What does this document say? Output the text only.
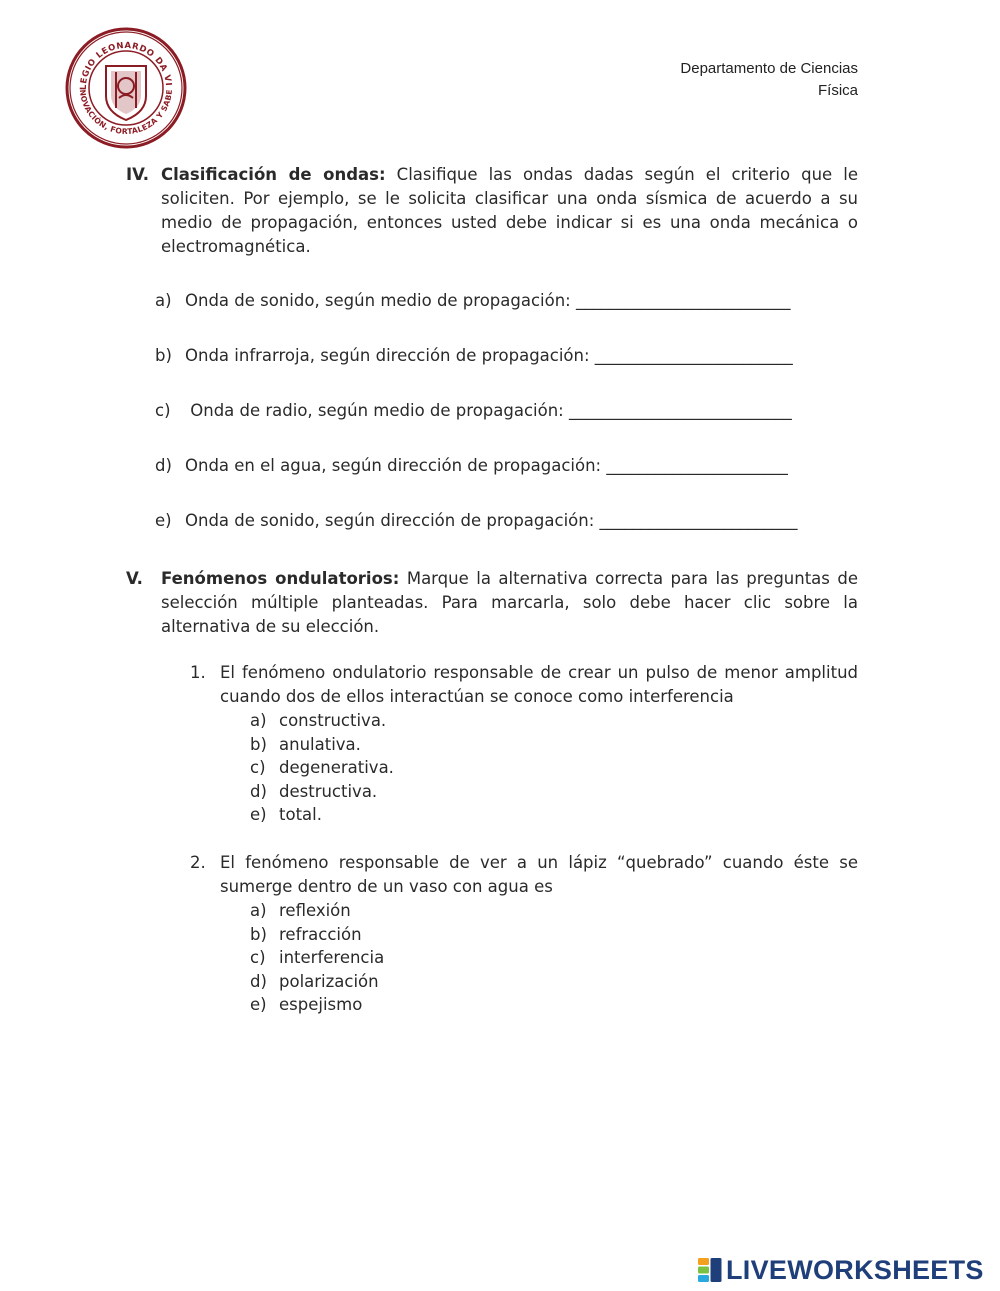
LEGIO LEONARDO DA VI
NOVACIÓN, FORTALEZA Y SABE
Departamento de Ciencias
Física
IV. Clasificación de ondas: Clasifique las ondas dadas según el criterio que le soliciten. Por ejemplo, se le solicita clasificar una onda sísmica de acuerdo a su medio de propagación, entonces usted debe indicar si es una onda mecánica o electromagnética.
a) Onda de sonido, según medio de propagación: __________________________
b) Onda infrarroja, según dirección de propagación: ________________________
c) Onda de radio, según medio de propagación: ___________________________
d) Onda en el agua, según dirección de propagación: ______________________
e) Onda de sonido, según dirección de propagación: ________________________
V. Fenómenos ondulatorios: Marque la alternativa correcta para las preguntas de selección múltiple planteadas. Para marcarla, solo debe hacer clic sobre la alternativa de su elección.
1. El fenómeno ondulatorio responsable de crear un pulso de menor amplitud cuando dos de ellos interactúan se conoce como interferencia
a) constructiva.
b) anulativa.
c) degenerativa.
d) destructiva.
e) total.
2. El fenómeno responsable de ver a un lápiz “quebrado” cuando éste se sumerge dentro de un vaso con agua es
a) reflexión
b) refracción
c) interferencia
d) polarización
e) espejismo
LIVEWORKSHEETS
